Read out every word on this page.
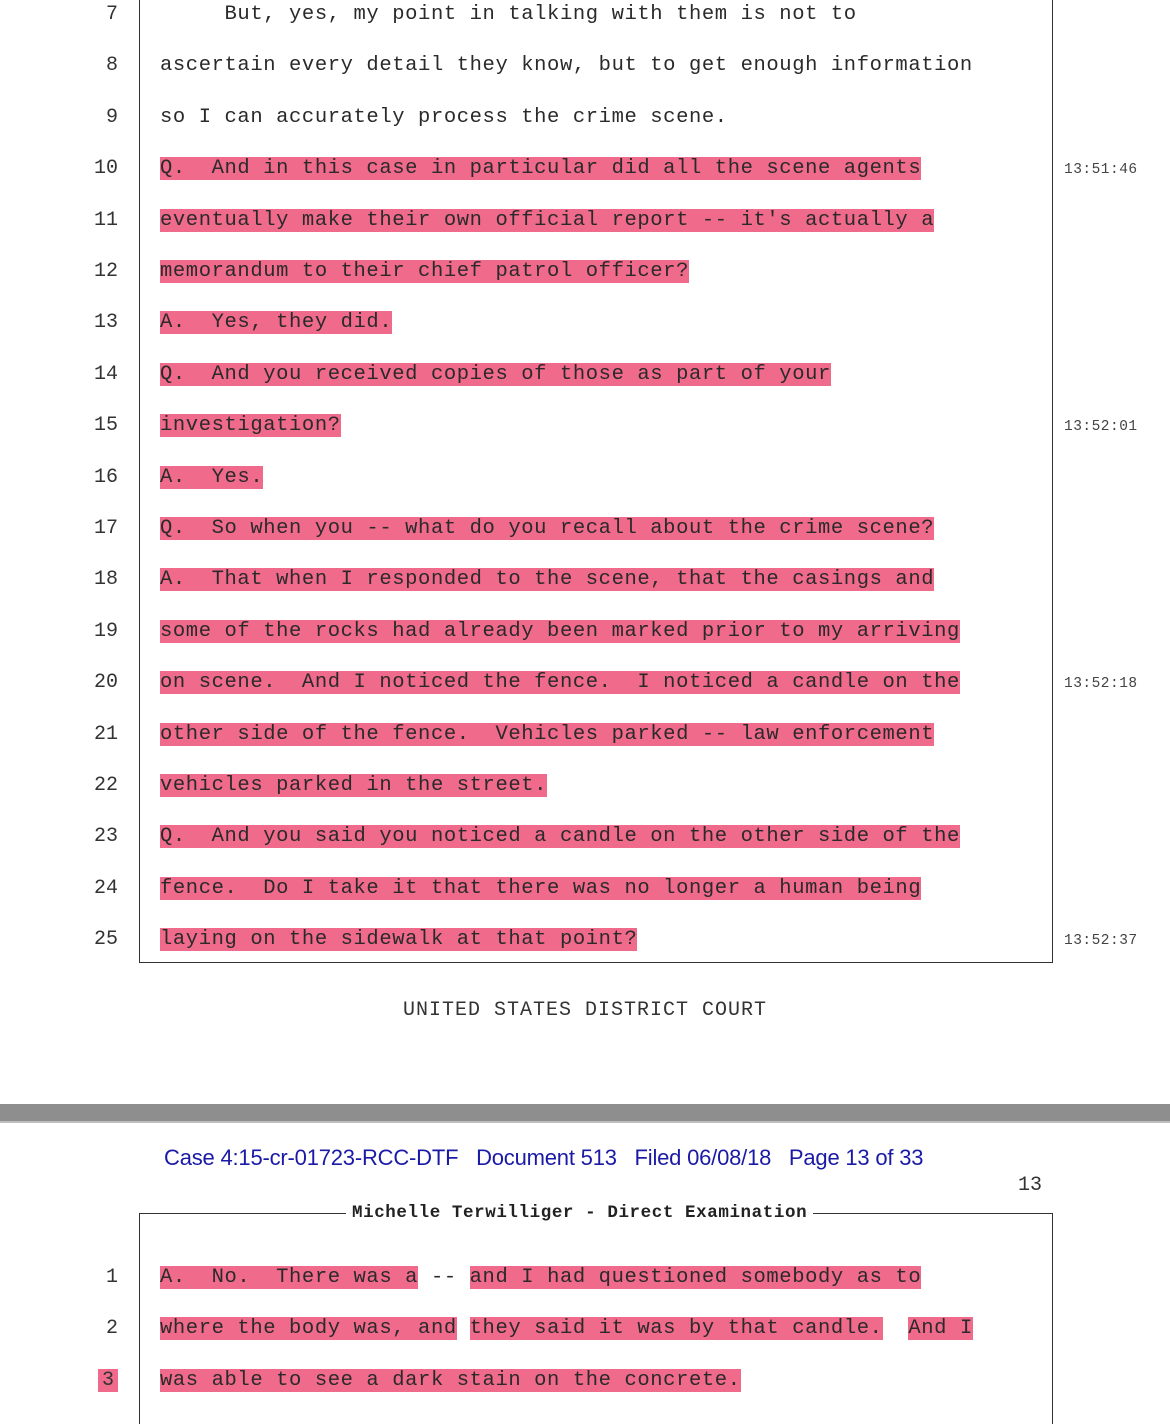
7 But, yes, my point in talking with them is not to
8 ascertain every detail they know, but to get enough information
9 so I can accurately process the crime scene.
10 Q.  And in this case in particular did all the scene agents	13:51:46
11 eventually make their own official report -- it's actually a
12 memorandum to their chief patrol officer?
13 A.  Yes, they did.
14 Q.  And you received copies of those as part of your
15 investigation?	13:52:01
16 A.  Yes.
17 Q.  So when you -- what do you recall about the crime scene?
18 A.  That when I responded to the scene, that the casings and
19 some of the rocks had already been marked prior to my arriving
20 on scene.  And I noticed the fence.  I noticed a candle on the	13:52:18
21 other side of the fence.  Vehicles parked -- law enforcement
22 vehicles parked in the street.
23 Q.  And you said you noticed a candle on the other side of the
24 fence.  Do I take it that there was no longer a human being
25 laying on the sidewalk at that point?	13:52:37
UNITED STATES DISTRICT COURT
Case 4:15-cr-01723-RCC-DTF Document 513 Filed 06/08/18 Page 13 of 33
13
Michelle Terwilliger - Direct Examination
1 A.  No.  There was a -- and I had questioned somebody as to
2 where the body was, and they said it was by that candle. And I
3 was able to see a dark stain on the concrete.
